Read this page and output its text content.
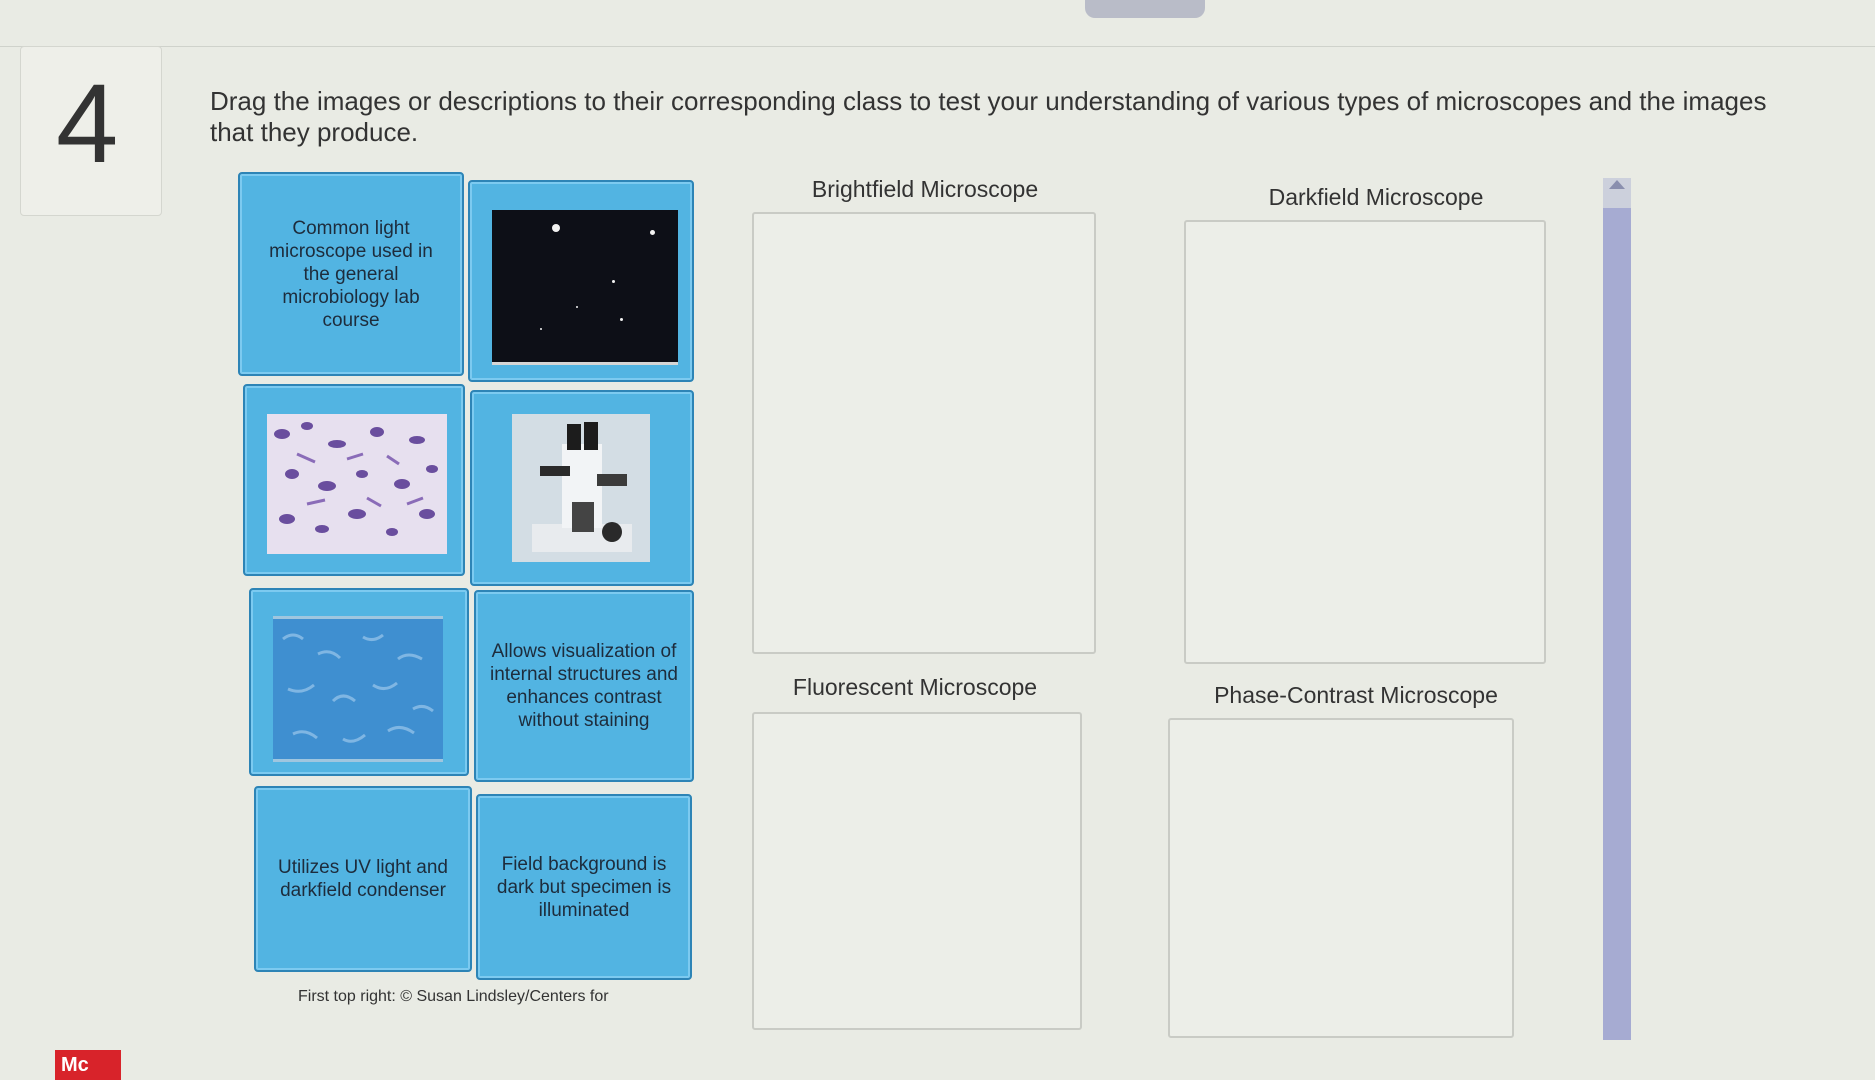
4	Drag the images or descriptions to their corresponding class to test your understanding of various types of microscopes and the images that they produce.
Common light microscope used in the general microbiology lab course
Allows visualization of internal structures and enhances contrast without staining
Utilizes UV light and darkfield condenser
Field background is dark but specimen is illuminated
First top right: © Susan Lindsley/Centers for
Brightfield Microscope	Darkfield Microscope
Fluorescent Microscope	Phase-Contrast Microscope
Mc
